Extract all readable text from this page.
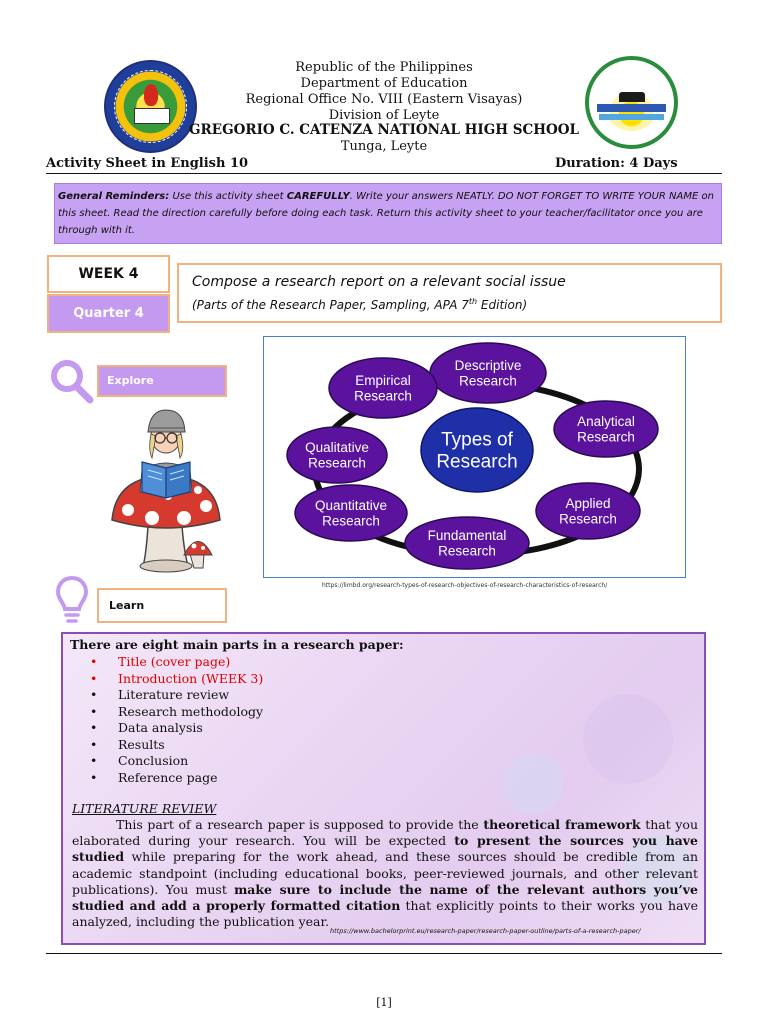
Republic of the Philippines
Department of Education
Regional Office No. VIII (Eastern Visayas)
Division of Leyte
GREGORIO C. CATENZA NATIONAL HIGH SCHOOL
Tunga, Leyte
Activity Sheet in English 10	Duration: 4 Days
General Reminders: Use this activity sheet CAREFULLY. Write your answers NEATLY. DO NOT FORGET TO WRITE YOUR NAME on this sheet. Read the direction carefully before doing each task. Return this activity sheet to your teacher/facilitator once you are through with it.
WEEK 4
Quarter 4
Compose a research report on a relevant social issue
(Parts of the Research Paper, Sampling, APA 7th Edition)
Explore
Descriptive Research
Analytical Research
Applied Research
Fundamental Research
Quantitative Research
Qualitative Research
Empirical Research
Types of Research
https://limbd.org/research-types-of-research-objectives-of-research-characteristics-of-research/
Learn
There are eight main parts in a research paper:
• Title (cover page)
• Introduction (WEEK 3)
• Literature review
• Research methodology
• Data analysis
• Results
• Conclusion
• Reference page
LITERATURE REVIEW

This part of a research paper is supposed to provide the theoretical framework that you elaborated during your research. You will be expected to present the sources you have studied while preparing for the work ahead, and these sources should be credible from an academic standpoint (including educational books, peer-reviewed journals, and other relevant publications). You must make sure to include the name of the relevant authors you’ve studied and add a properly formatted citation that explicitly points to their works you have analyzed, including the publication year.

https://www.bachelorprint.eu/research-paper/research-paper-outline/parts-of-a-research-paper/
[1]
